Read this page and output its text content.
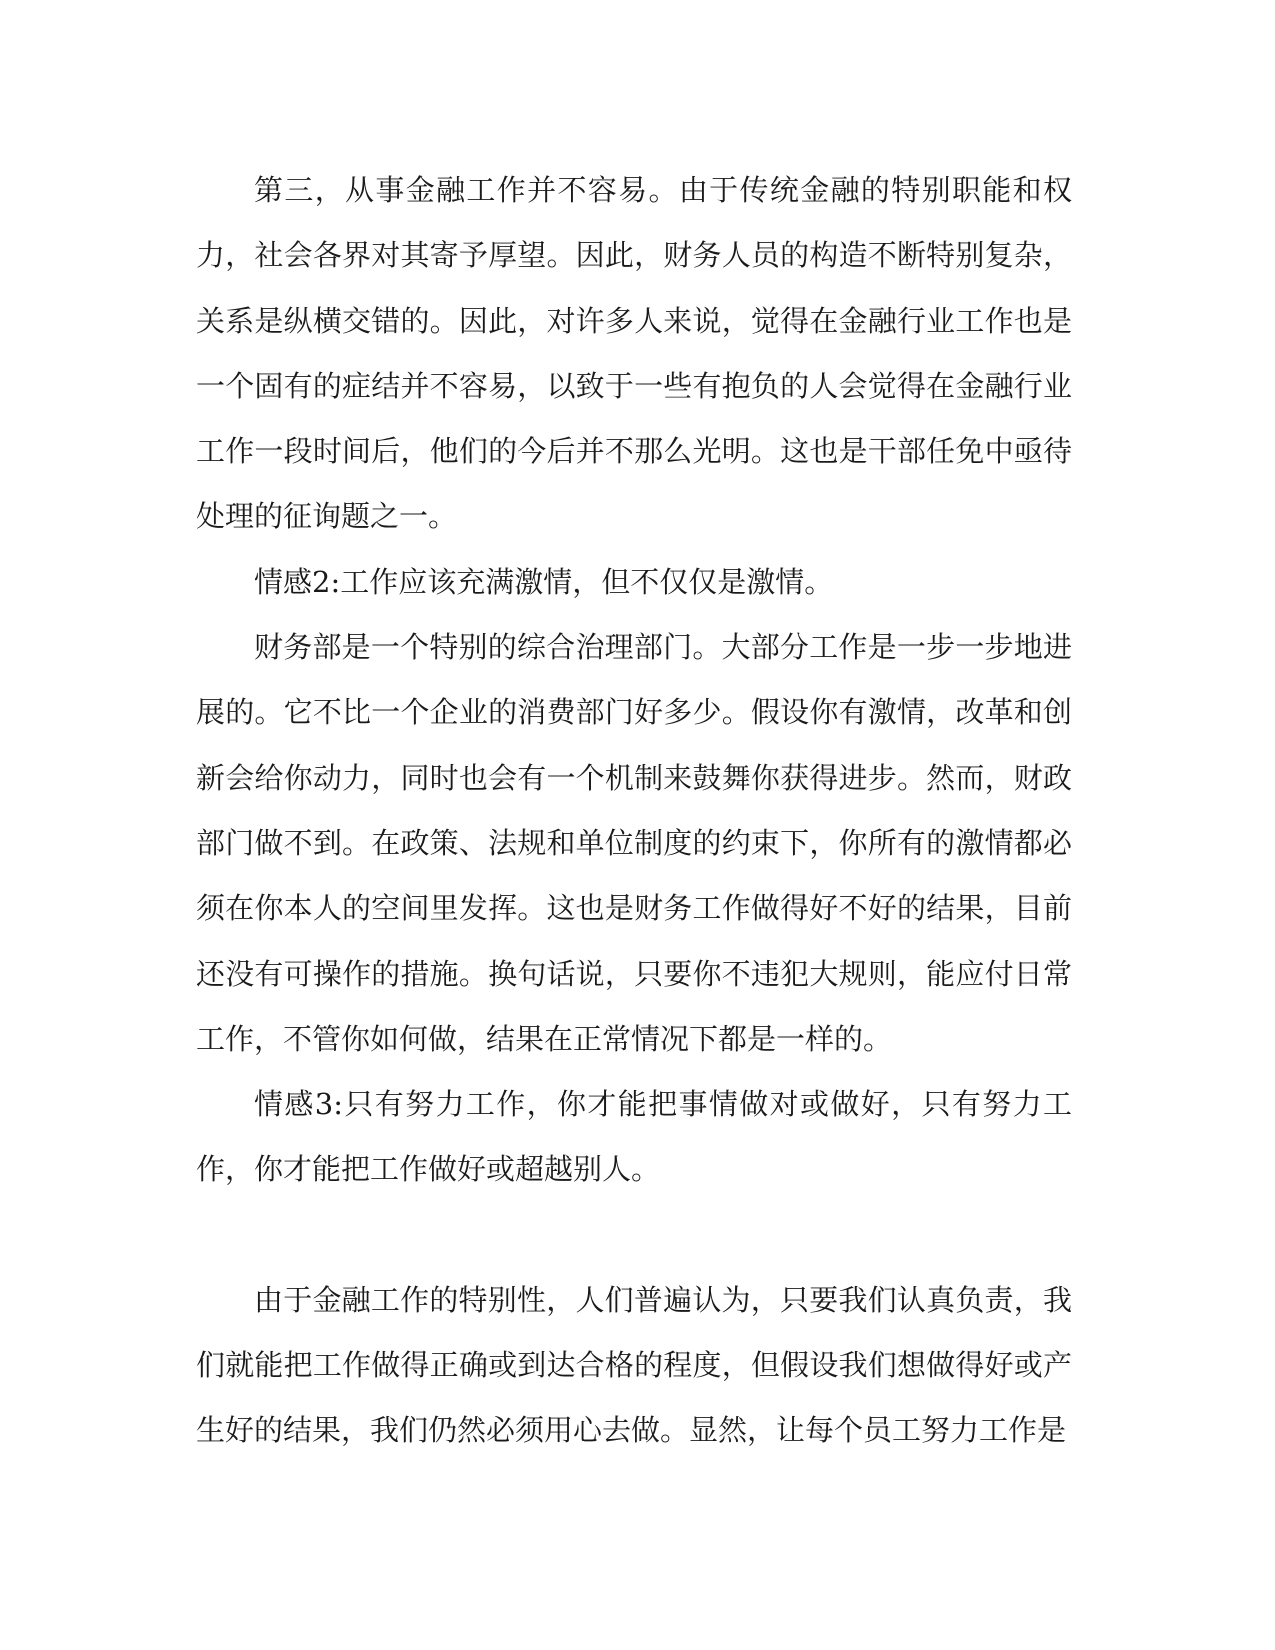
第三，从事金融工作并不容易。由于传统金融的特别职能和权力，社会各界对其寄予厚望。因此，财务人员的构造不断特别复杂，关系是纵横交错的。因此，对许多人来说，觉得在金融行业工作也是一个固有的症结并不容易，以致于一些有抱负的人会觉得在金融行业工作一段时间后，他们的今后并不那么光明。这也是干部任免中亟待处理的征询题之一。

情感2:工作应该充满激情，但不仅仅是激情。

财务部是一个特别的综合治理部门。大部分工作是一步一步地进展的。它不比一个企业的消费部门好多少。假设你有激情，改革和创新会给你动力，同时也会有一个机制来鼓舞你获得进步。然而，财政部门做不到。在政策、法规和单位制度的约束下，你所有的激情都必须在你本人的空间里发挥。这也是财务工作做得好不好的结果，目前还没有可操作的措施。换句话说，只要你不违犯大规则，能应付日常工作，不管你如何做，结果在正常情况下都是一样的。

情感3:只有努力工作，你才能把事情做对或做好，只有努力工作，你才能把工作做好或超越别人。

由于金融工作的特别性，人们普遍认为，只要我们认真负责，我们就能把工作做得正确或到达合格的程度，但假设我们想做得好或产生好的结果，我们仍然必须用心去做。显然，让每个员工努力工作是
